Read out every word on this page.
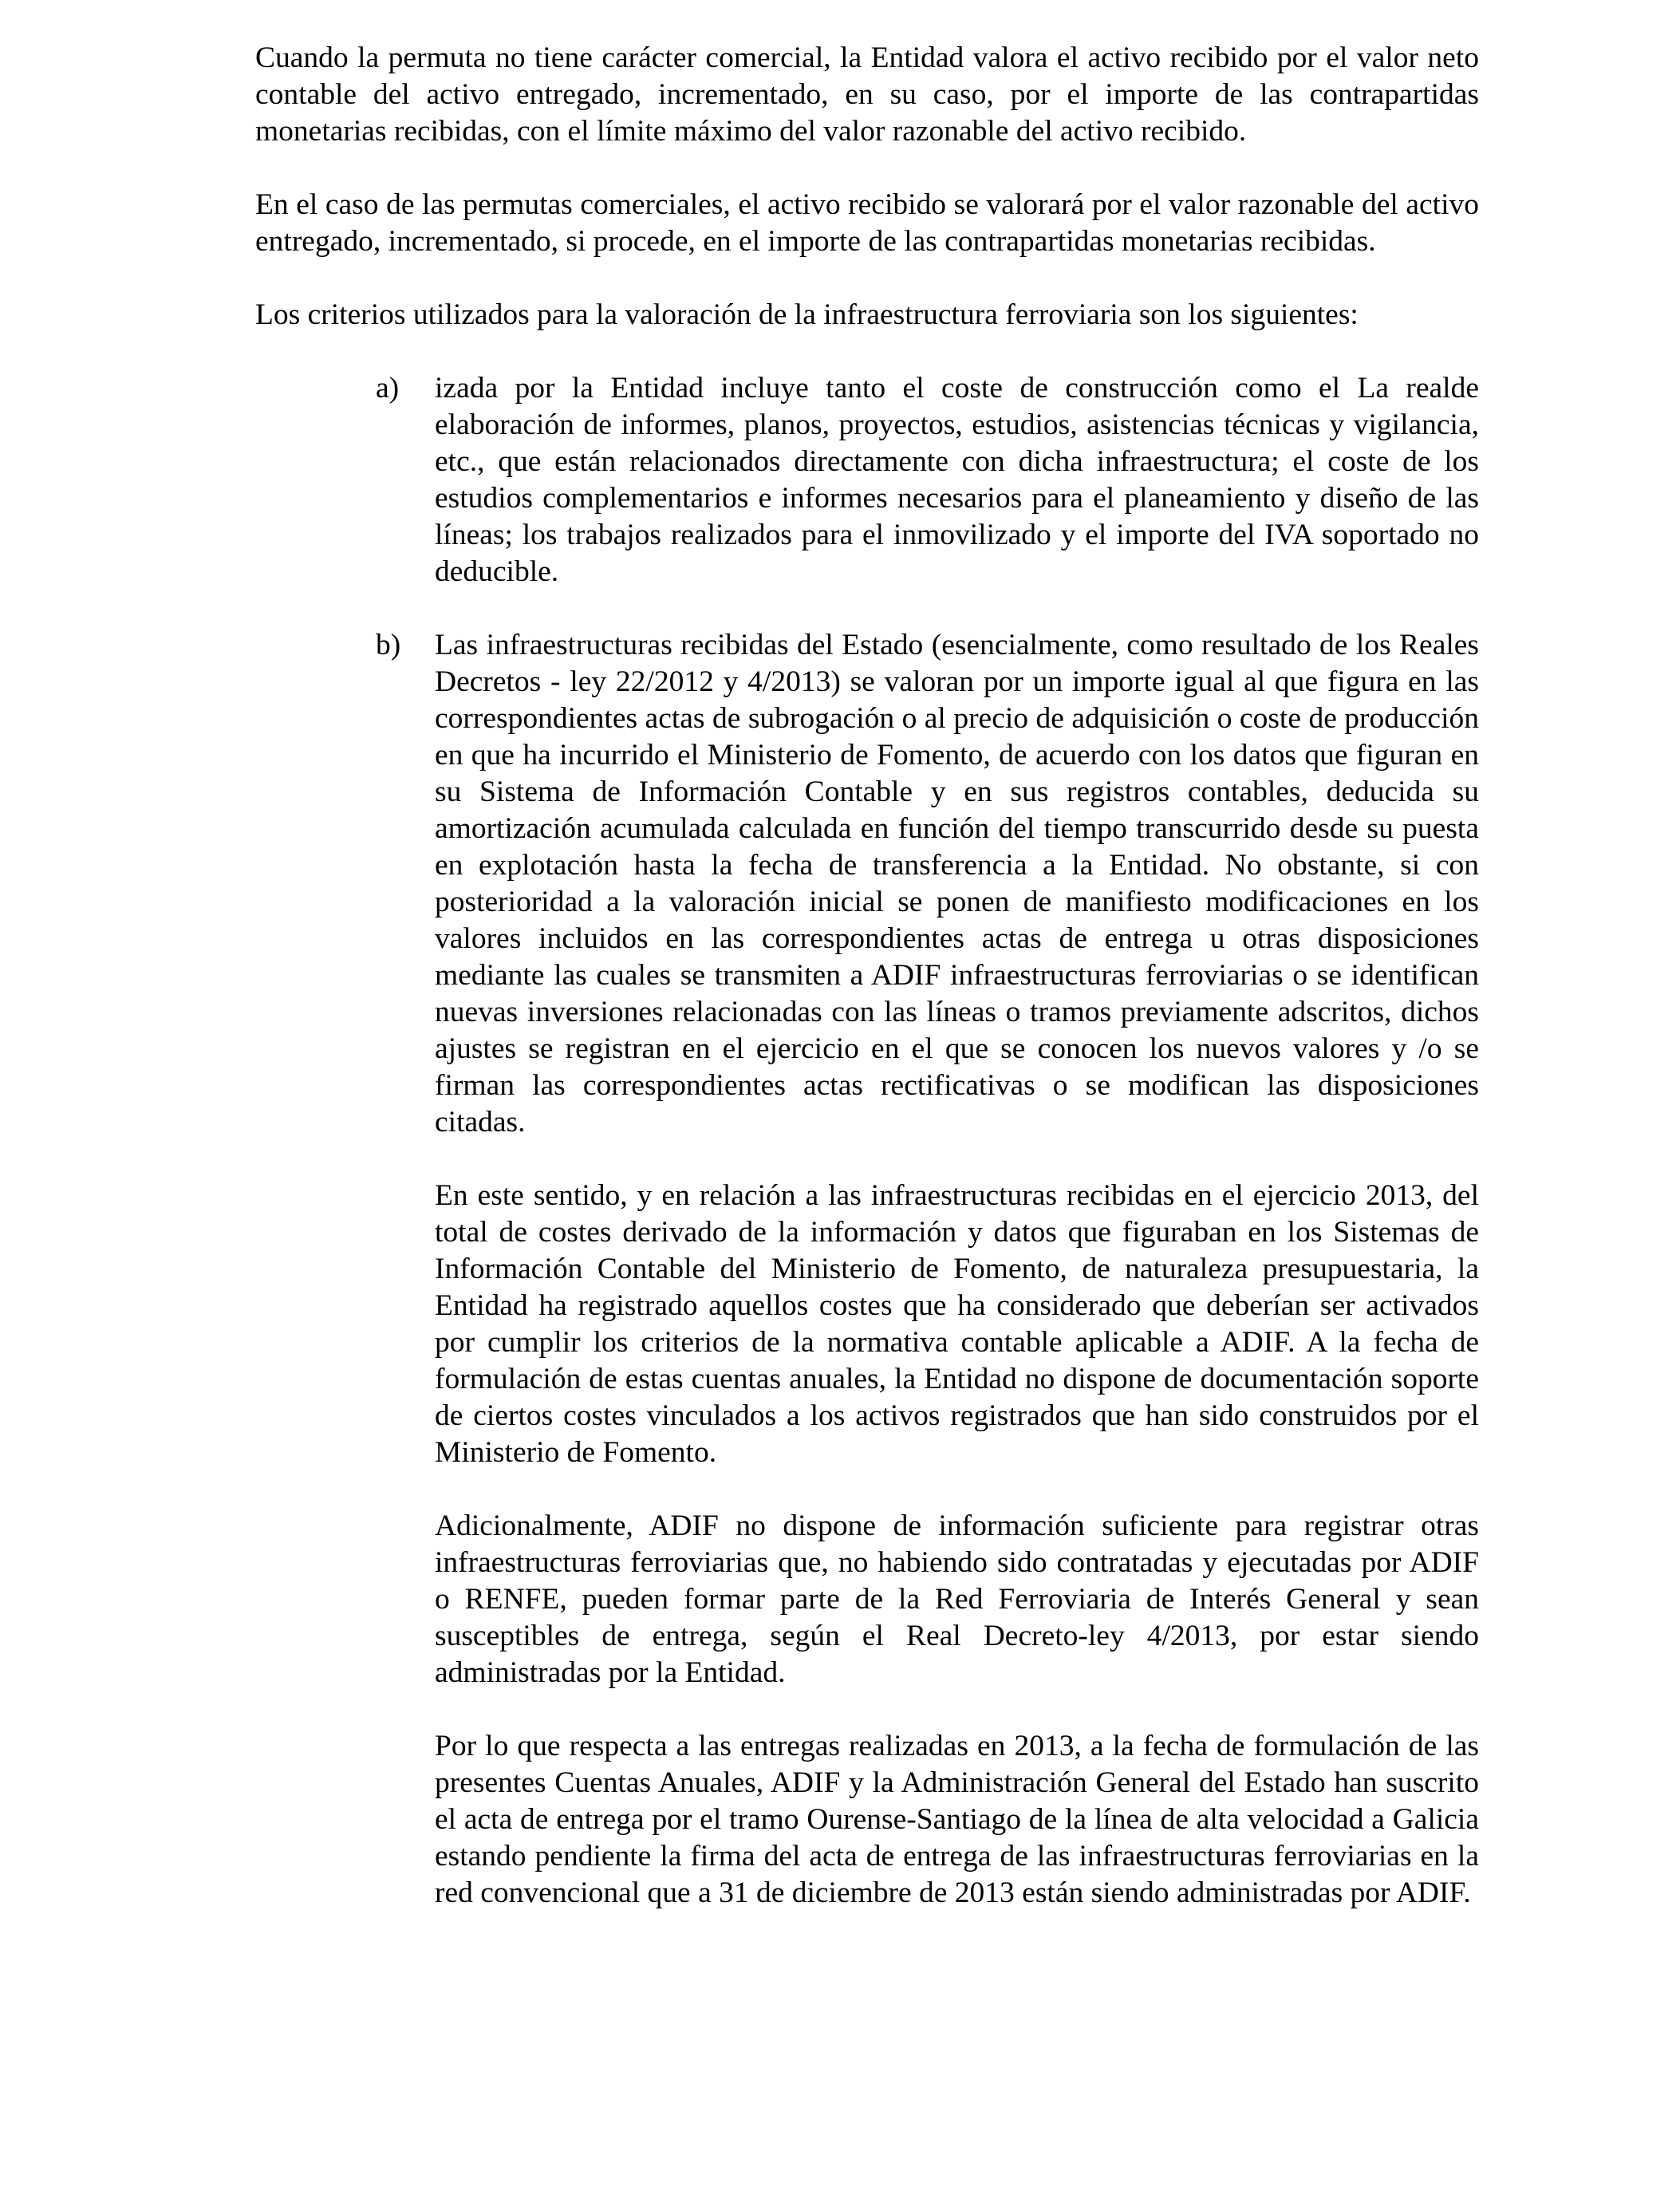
Cuando la permuta no tiene carácter comercial, la Entidad valora el activo recibido por el valor neto contable del activo entregado, incrementado, en su caso, por el importe de las contrapartidas monetarias recibidas, con el límite máximo del valor razonable del activo recibido.

En el caso de las permutas comerciales, el activo recibido se valorará por el valor razonable del activo entregado, incrementado, si procede, en el importe de las contrapartidas monetarias recibidas.

Los criterios utilizados para la valoración de la infraestructura ferroviaria son los siguientes:

a) izada por la Entidad incluye tanto el coste de construcción como el La realde elaboración de informes, planos, proyectos, estudios, asistencias técnicas y vigilancia, etc., que están relacionados directamente con dicha infraestructura; el coste de los estudios complementarios e informes necesarios para el planeamiento y diseño de las líneas; los trabajos realizados para el inmovilizado y el importe del IVA soportado no deducible.

b) Las infraestructuras recibidas del Estado (esencialmente, como resultado de los Reales Decretos - ley 22/2012 y 4/2013) se valoran por un importe igual al que figura en las correspondientes actas de subrogación o al precio de adquisición o coste de producción en que ha incurrido el Ministerio de Fomento, de acuerdo con los datos que figuran en su Sistema de Información Contable y en sus registros contables, deducida su amortización acumulada calculada en función del tiempo transcurrido desde su puesta en explotación hasta la fecha de transferencia a la Entidad. No obstante, si con posterioridad a la valoración inicial se ponen de manifiesto modificaciones en los valores incluidos en las correspondientes actas de entrega u otras disposiciones mediante las cuales se transmiten a ADIF infraestructuras ferroviarias o se identifican nuevas inversiones relacionadas con las líneas o tramos previamente adscritos, dichos ajustes se registran en el ejercicio en el que se conocen los nuevos valores y /o se firman las correspondientes actas rectificativas o se modifican las disposiciones citadas.

En este sentido, y en relación a las infraestructuras recibidas en el ejercicio 2013, del total de costes derivado de la información y datos que figuraban en los Sistemas de Información Contable del Ministerio de Fomento, de naturaleza presupuestaria, la Entidad ha registrado aquellos costes que ha considerado que deberían ser activados por cumplir los criterios de la normativa contable aplicable a ADIF. A la fecha de formulación de estas cuentas anuales, la Entidad no dispone de documentación soporte de ciertos costes vinculados a los activos registrados que han sido construidos por el Ministerio de Fomento.

Adicionalmente, ADIF no dispone de información suficiente para registrar otras infraestructuras ferroviarias que, no habiendo sido contratadas y ejecutadas por ADIF o RENFE, pueden formar parte de la Red Ferroviaria de Interés General y sean susceptibles de entrega, según el Real Decreto-ley 4/2013, por estar siendo administradas por la Entidad.

Por lo que respecta a las entregas realizadas en 2013, a la fecha de formulación de las presentes Cuentas Anuales, ADIF y la Administración General del Estado han suscrito el acta de entrega por el tramo Ourense-Santiago de la línea de alta velocidad a Galicia estando pendiente la firma del acta de entrega de las infraestructuras ferroviarias en la red convencional que a 31 de diciembre de 2013 están siendo administradas por ADIF.
